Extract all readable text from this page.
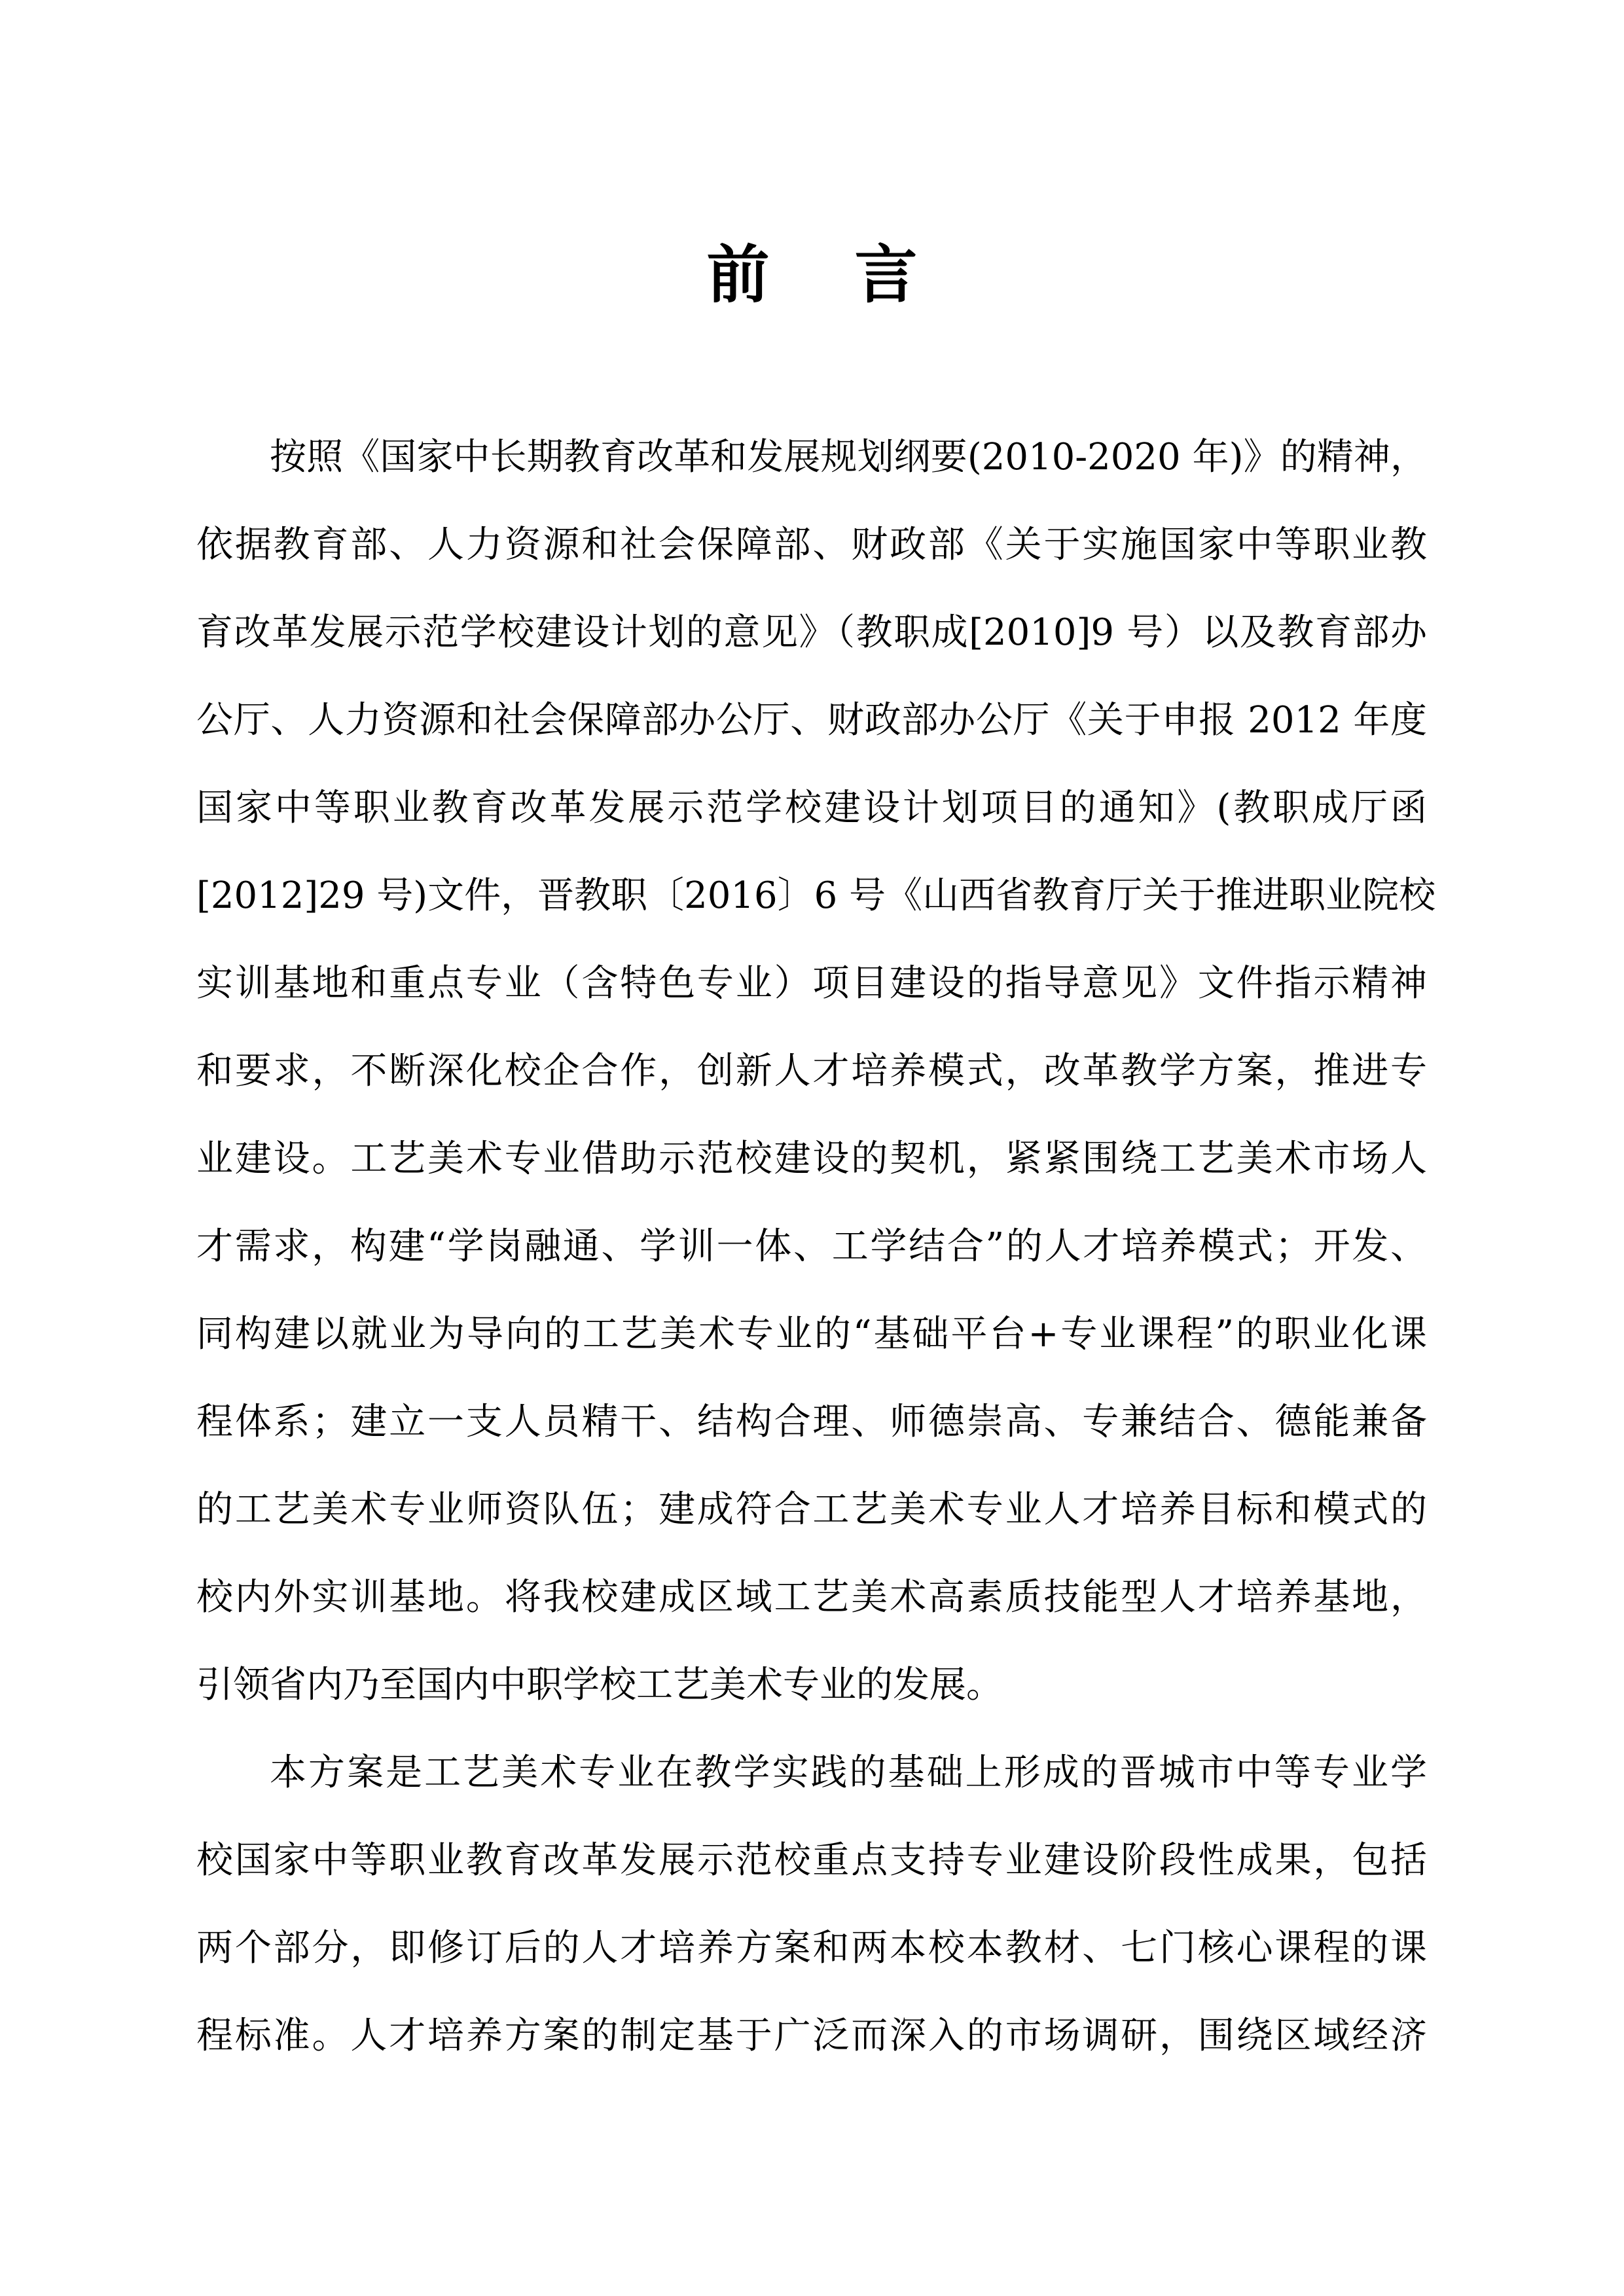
前言
按照《国家中长期教育改革和发展规划纲要(2010-2020 年)》的精神，
依据教育部、人力资源和社会保障部、财政部《关于实施国家中等职业教
育改革发展示范学校建设计划的意见》（教职成[2010]9 号）以及教育部办
公厅、人力资源和社会保障部办公厅、财政部办公厅《关于申报 2012 年度
国家中等职业教育改革发展示范学校建设计划项目的通知》(教职成厅函
[2012]29 号)文件，晋教职〔2016〕6 号《山西省教育厅关于推进职业院校
实训基地和重点专业（含特色专业）项目建设的指导意见》文件指示精神
和要求，不断深化校企合作，创新人才培养模式，改革教学方案，推进专
业建设。工艺美术专业借助示范校建设的契机，紧紧围绕工艺美术市场人
才需求，构建“学岗融通、学训一体、工学结合”的人才培养模式；开发、
同构建以就业为导向的工艺美术专业的“基础平台+专业课程”的职业化课
程体系；建立一支人员精干、结构合理、师德崇高、专兼结合、德能兼备
的工艺美术专业师资队伍；建成符合工艺美术专业人才培养目标和模式的
校内外实训基地。将我校建成区域工艺美术高素质技能型人才培养基地，
引领省内乃至国内中职学校工艺美术专业的发展。
本方案是工艺美术专业在教学实践的基础上形成的晋城市中等专业学
校国家中等职业教育改革发展示范校重点支持专业建设阶段性成果，包括
两个部分，即修订后的人才培养方案和两本校本教材、七门核心课程的课
程标准。人才培养方案的制定基于广泛而深入的市场调研，围绕区域经济
